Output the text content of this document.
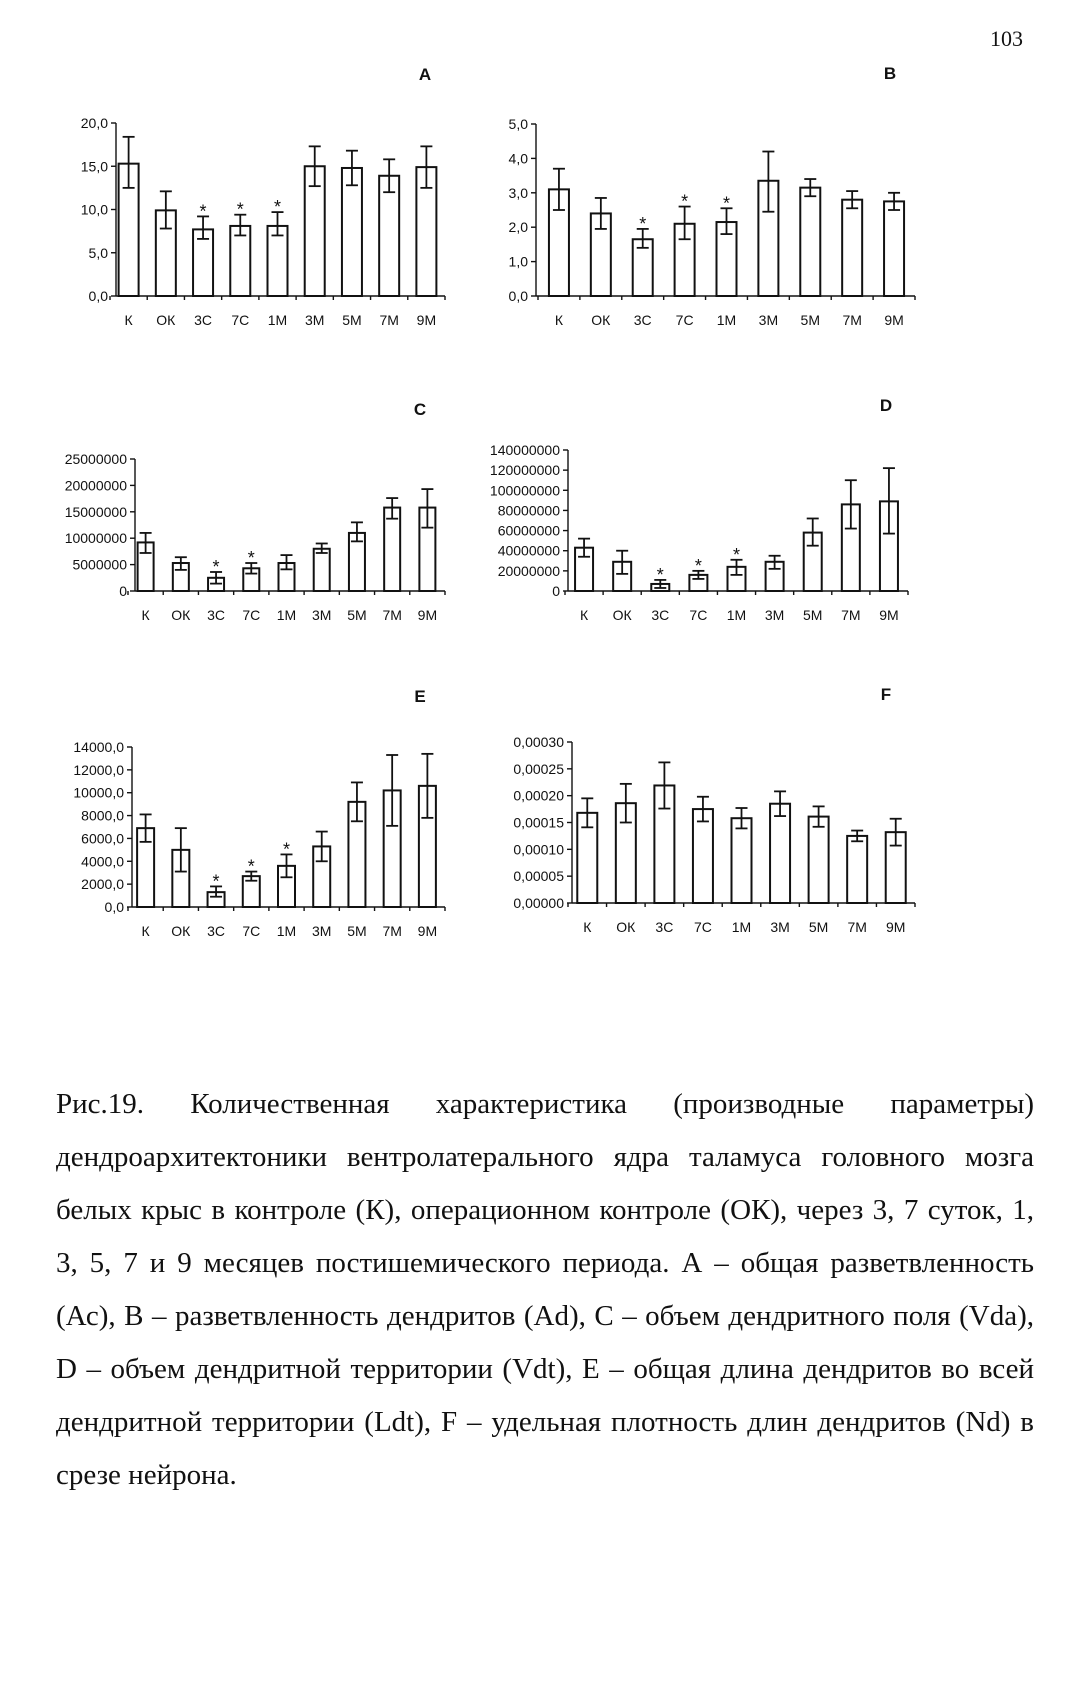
103
A
0,0
5,0
10,0
15,0
20,0
К ОК
*
3С
*
7С
*
1М 3М 5М 7М 9М
B
0,0
1,0
2,0
3,0
4,0
5,0
К ОК
*
3С
*
7С
*
1М 3М 5М 7М 9М
C
0
5000000
10000000
15000000
20000000
25000000
К ОК
*
3С
*
7С 1М 3М 5М 7М 9М
D
0
20000000
40000000
60000000
80000000
100000000
120000000
140000000
К ОК
*
3С
*
7С
*
1М 3М 5М 7М 9М
E
0,0
2000,0
4000,0
6000,0
8000,0
10000,0
12000,0
14000,0
К ОК
*
3С
*
7С
*
1М 3М 5М 7М 9М
F
0,00000
0,00005
0,00010
0,00015
0,00020
0,00025
0,00030
К ОК 3С 7С 1М 3М 5М 7М 9М

Рис.19. Количественная характеристика (производные параметры) дендроархитектоники вентролатерального ядра таламуса головного мозга белых крыс в контроле (К), операционном контроле (ОК), через 3, 7 суток, 1, 3, 5, 7 и 9 месяцев постишемического периода. А – общая разветвленность (Ас), В – разветвленность дендритов (Аd), С – объем дендритного поля (Vda), D – объем дендритной территории (Vdt), Е – общая длина дендритов во всей дендритной территории (Ldt), F – удельная плотность длин дендритов (Nd) в срезе нейрона.
